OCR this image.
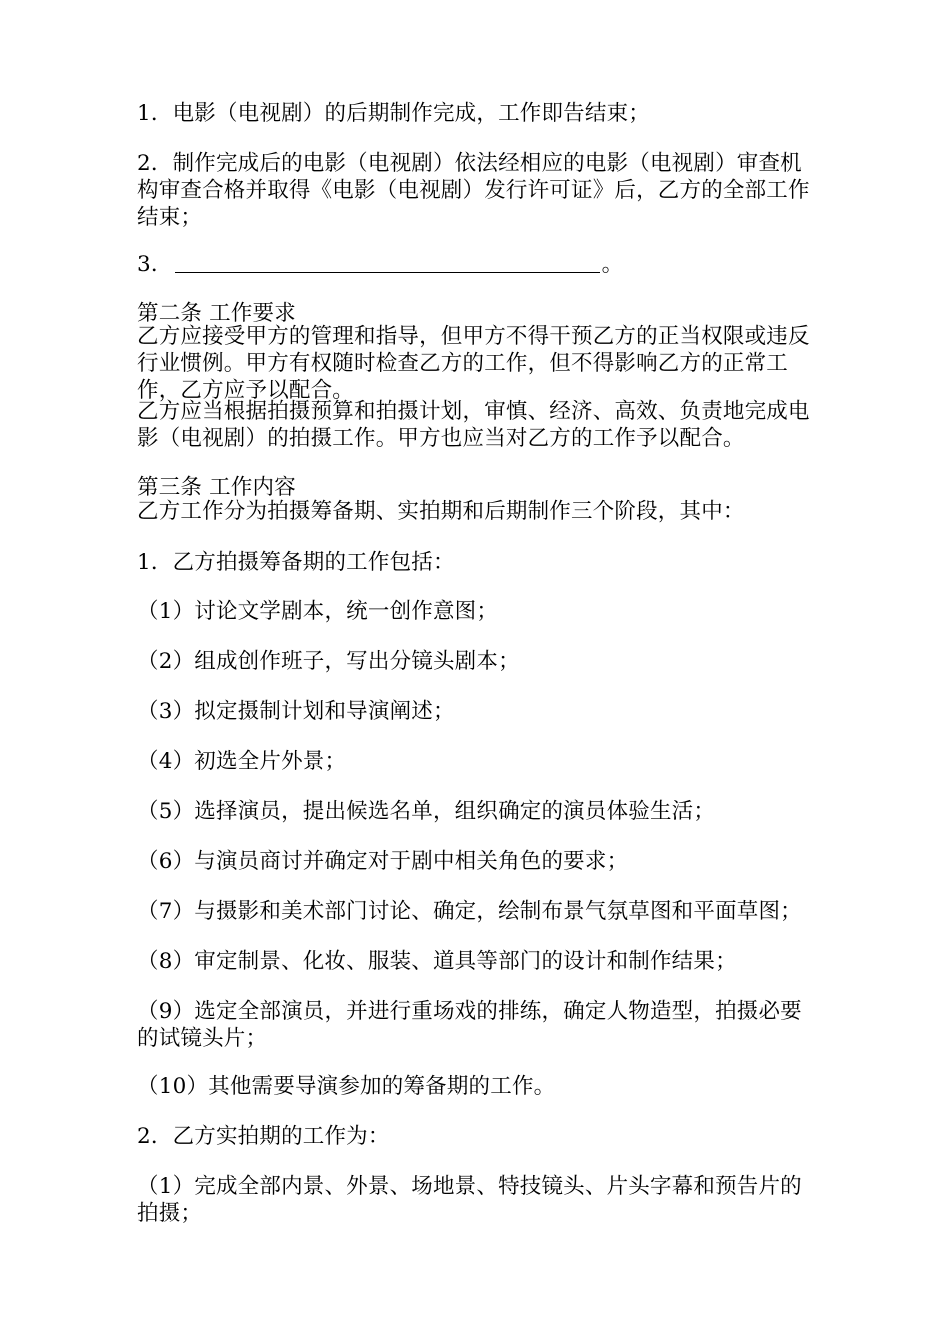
1．电影（电视剧）的后期制作完成，工作即告结束；
2．制作完成后的电影（电视剧）依法经相应的电影（电视剧）审查机构审查合格并取得《电影（电视剧）发行许可证》后，乙方的全部工作结束；
3．	。
第二条 工作要求
乙方应接受甲方的管理和指导，但甲方不得干预乙方的正当权限或违反行业惯例。甲方有权随时检查乙方的工作，但不得影响乙方的正常工作，乙方应予以配合。
乙方应当根据拍摄预算和拍摄计划，审慎、经济、高效、负责地完成电影（电视剧）的拍摄工作。甲方也应当对乙方的工作予以配合。
第三条 工作内容
乙方工作分为拍摄筹备期、实拍期和后期制作三个阶段，其中：
1．乙方拍摄筹备期的工作包括：
（1）讨论文学剧本，统一创作意图；
（2）组成创作班子，写出分镜头剧本；
（3）拟定摄制计划和导演阐述；
（4）初选全片外景；
（5）选择演员，提出候选名单，组织确定的演员体验生活；
（6）与演员商讨并确定对于剧中相关角色的要求；
（7）与摄影和美术部门讨论、确定，绘制布景气氛草图和平面草图；
（8）审定制景、化妆、服装、道具等部门的设计和制作结果；
（9）选定全部演员，并进行重场戏的排练，确定人物造型，拍摄必要的试镜头片；
（10）其他需要导演参加的筹备期的工作。
2．乙方实拍期的工作为：
（1）完成全部内景、外景、场地景、特技镜头、片头字幕和预告片的拍摄；
